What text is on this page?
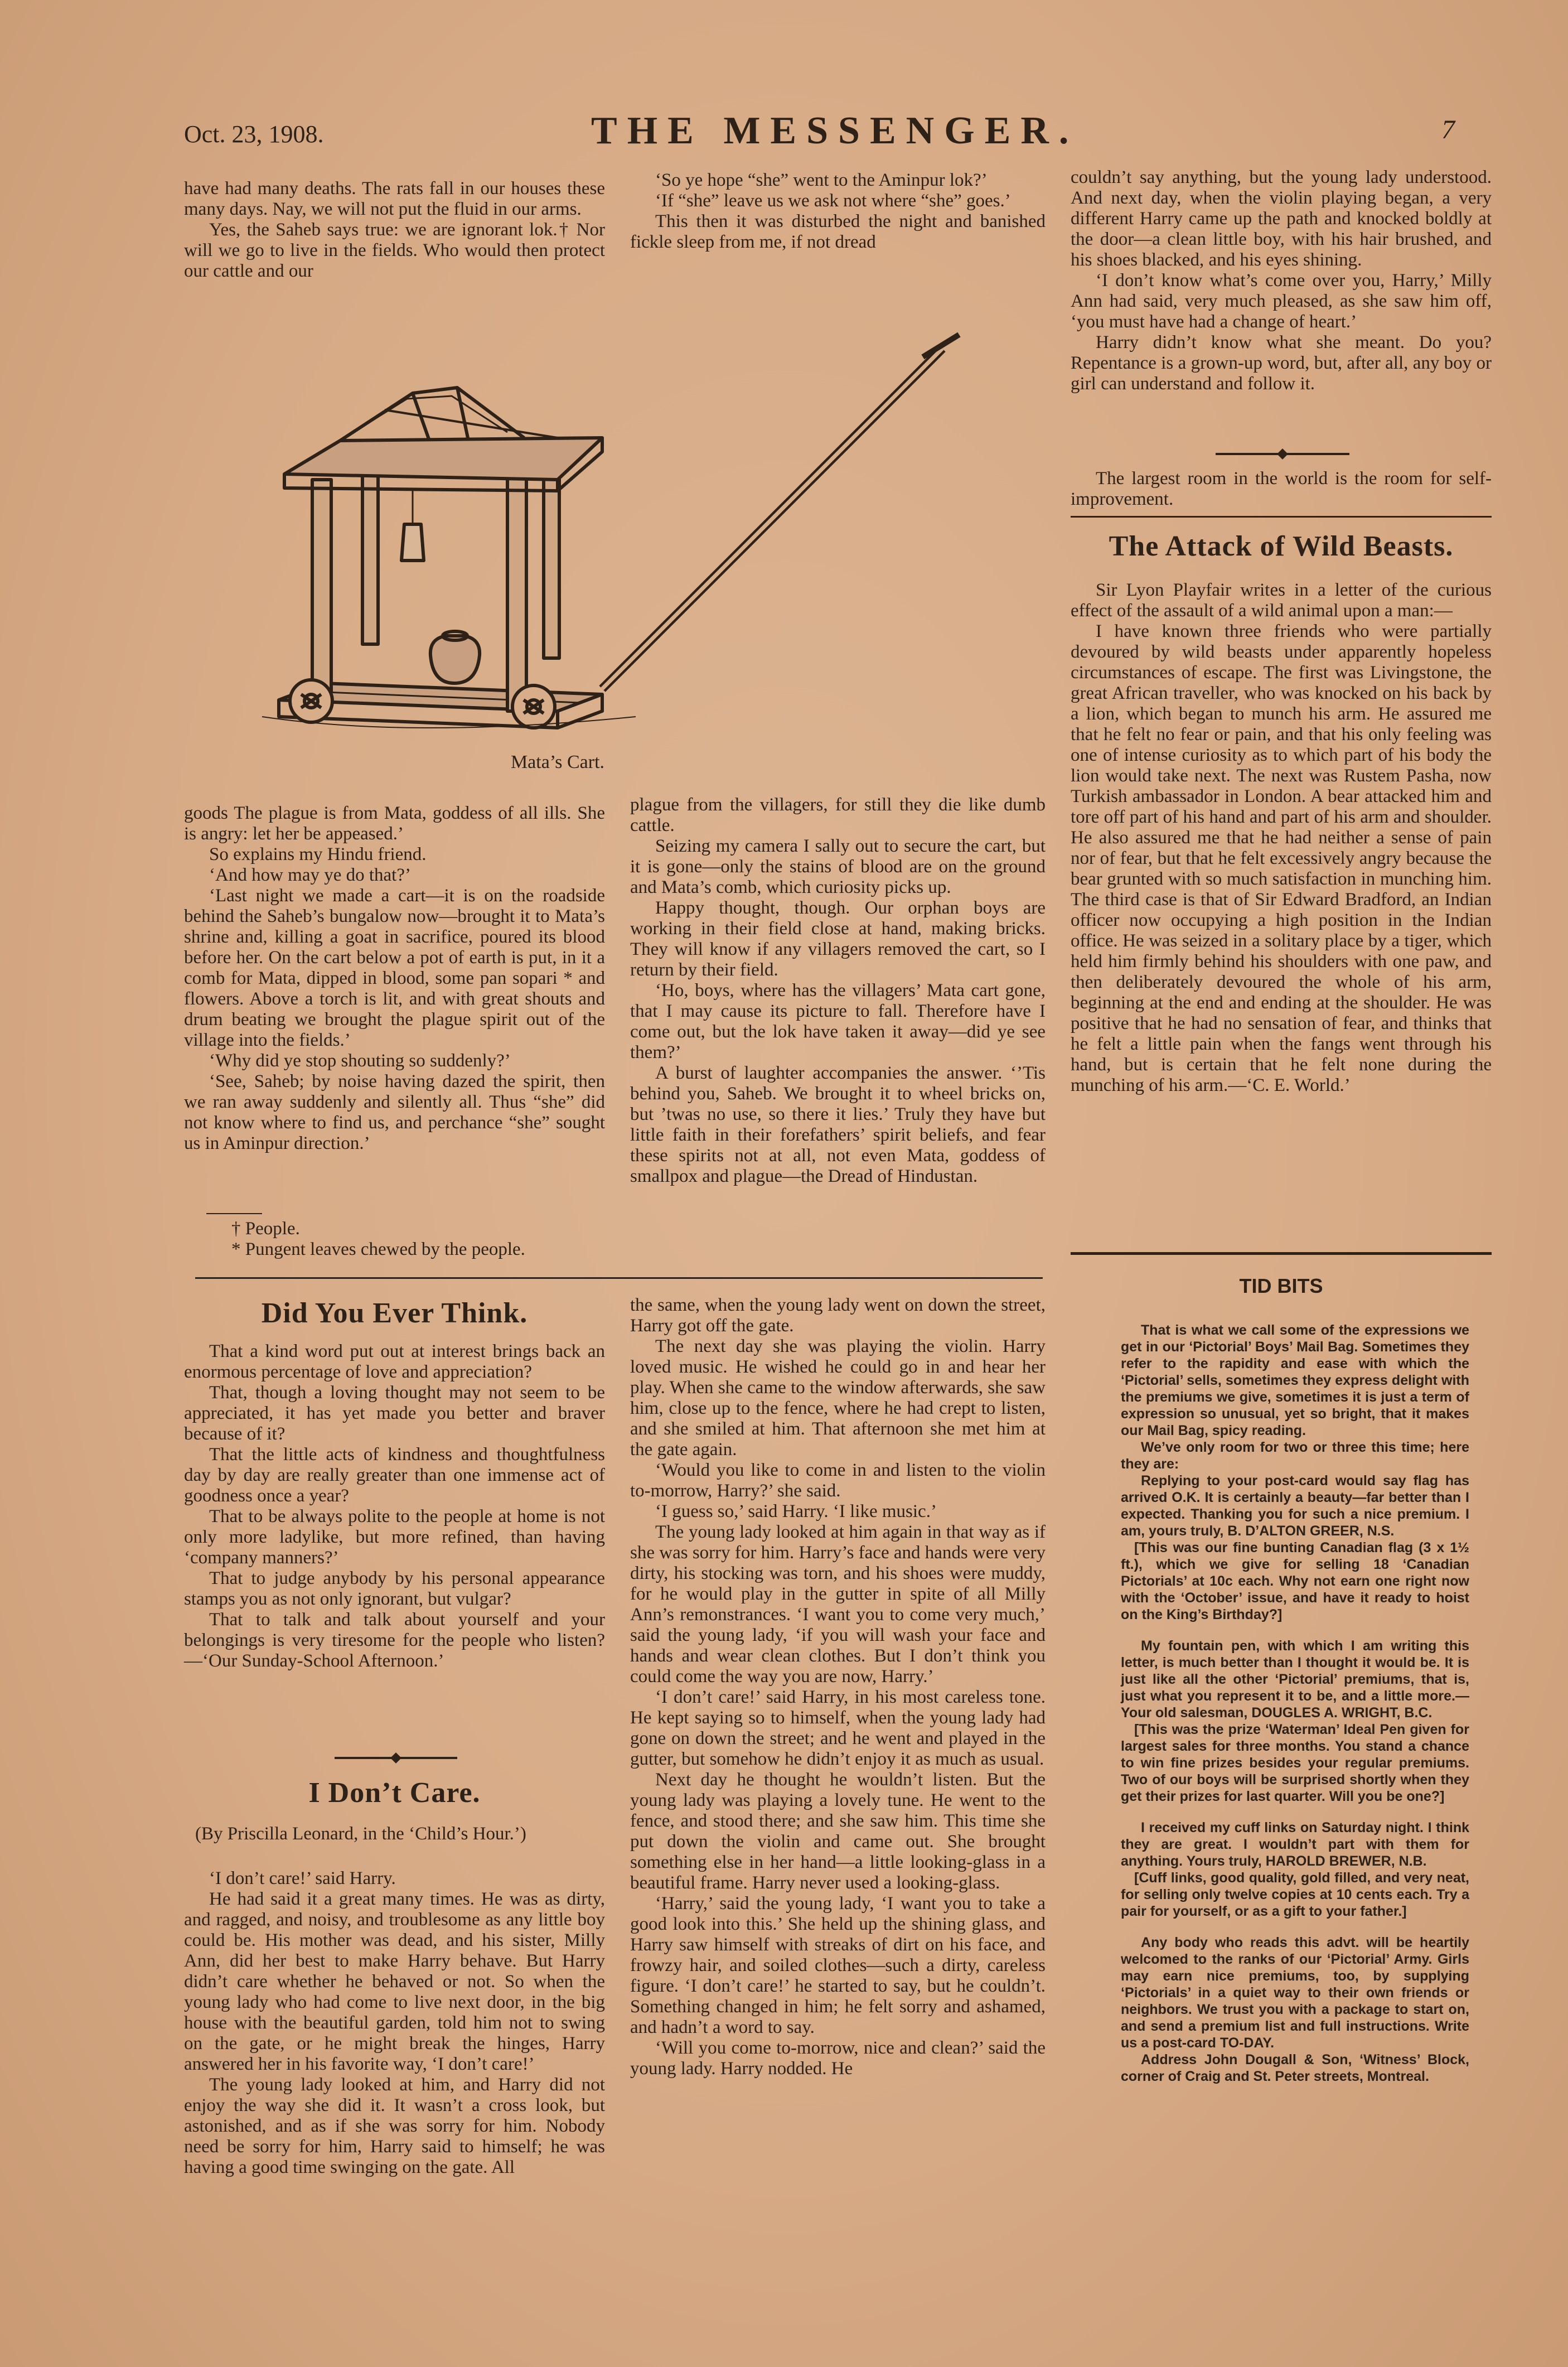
Oct. 23, 1908.	THE MESSENGER.	7

have had many deaths. The rats fall in our houses these many days. Nay, we will not put the fluid in our arms.

Yes, the Saheb says true: we are ignorant lok.† Nor will we go to live in the fields. Who would then protect our cattle and our

‘So ye hope “she” went to the Aminpur lok?’

‘If “she” leave us we ask not where “she” goes.’

This then it was disturbed the night and banished fickle sleep from me, if not dread

Mata’s Cart.

goods The plague is from Mata, goddess of all ills. She is angry: let her be appeased.’

So explains my Hindu friend.

‘And how may ye do that?’

‘Last night we made a cart—it is on the roadside behind the Saheb’s bungalow now—brought it to Mata’s shrine and, killing a goat in sacrifice, poured its blood before her. On the cart below a pot of earth is put, in it a comb for Mata, dipped in blood, some pan sopari * and flowers. Above a torch is lit, and with great shouts and drum beating we brought the plague spirit out of the village into the fields.’

‘Why did ye stop shouting so suddenly?’

‘See, Saheb; by noise having dazed the spirit, then we ran away suddenly and silently all. Thus “she” did not know where to find us, and perchance “she” sought us in Aminpur direction.’

† People.

* Pungent leaves chewed by the people.

plague from the villagers, for still they die like dumb cattle.

Seizing my camera I sally out to secure the cart, but it is gone—only the stains of blood are on the ground and Mata’s comb, which curiosity picks up.

Happy thought, though. Our orphan boys are working in their field close at hand, making bricks. They will know if any villagers removed the cart, so I return by their field.

‘Ho, boys, where has the villagers’ Mata cart gone, that I may cause its picture to fall. Therefore have I come out, but the lok have taken it away—did ye see them?’

A burst of laughter accompanies the answer. ‘’Tis behind you, Saheb. We brought it to wheel bricks on, but ’twas no use, so there it lies.’ Truly they have but little faith in their forefathers’ spirit beliefs, and fear these spirits not at all, not even Mata, goddess of smallpox and plague—the Dread of Hindustan.

couldn’t say anything, but the young lady understood. And next day, when the violin playing began, a very different Harry came up the path and knocked boldly at the door—a clean little boy, with his hair brushed, and his shoes blacked, and his eyes shining.

‘I don’t know what’s come over you, Harry,’ Milly Ann had said, very much pleased, as she saw him off, ‘you must have had a change of heart.’

Harry didn’t know what she meant. Do you? Repentance is a grown-up word, but, after all, any boy or girl can understand and follow it.

The largest room in the world is the room for self-improvement.

The Attack of Wild Beasts.

Sir Lyon Playfair writes in a letter of the curious effect of the assault of a wild animal upon a man:—

I have known three friends who were partially devoured by wild beasts under apparently hopeless circumstances of escape. The first was Livingstone, the great African traveller, who was knocked on his back by a lion, which began to munch his arm. He assured me that he felt no fear or pain, and that his only feeling was one of intense curiosity as to which part of his body the lion would take next. The next was Rustem Pasha, now Turkish ambassador in London. A bear attacked him and tore off part of his hand and part of his arm and shoulder. He also assured me that he had neither a sense of pain nor of fear, but that he felt excessively angry because the bear grunted with so much satisfaction in munching him. The third case is that of Sir Edward Bradford, an Indian officer now occupying a high position in the Indian office. He was seized in a solitary place by a tiger, which held him firmly behind his shoulders with one paw, and then deliberately devoured the whole of his arm, beginning at the end and ending at the shoulder. He was positive that he had no sensation of fear, and thinks that he felt a little pain when the fangs went through his hand, but is certain that he felt none during the munching of his arm.—‘C. E. World.’

Did You Ever Think.

That a kind word put out at interest brings back an enormous percentage of love and appreciation?

That, though a loving thought may not seem to be appreciated, it has yet made you better and braver because of it?

That the little acts of kindness and thoughtfulness day by day are really greater than one immense act of goodness once a year?

That to be always polite to the people at home is not only more ladylike, but more refined, than having ‘company manners?’

That to judge anybody by his personal appearance stamps you as not only ignorant, but vulgar?

That to talk and talk about yourself and your belongings is very tiresome for the people who listen?—‘Our Sunday-School Afternoon.’

I Don’t Care.

(By Priscilla Leonard, in the ‘Child’s Hour.’)

‘I don’t care!’ said Harry.

He had said it a great many times. He was as dirty, and ragged, and noisy, and troublesome as any little boy could be. His mother was dead, and his sister, Milly Ann, did her best to make Harry behave. But Harry didn’t care whether he behaved or not. So when the young lady who had come to live next door, in the big house with the beautiful garden, told him not to swing on the gate, or he might break the hinges, Harry answered her in his favorite way, ‘I don’t care!’

The young lady looked at him, and Harry did not enjoy the way she did it. It wasn’t a cross look, but astonished, and as if she was sorry for him. Nobody need be sorry for him, Harry said to himself; he was having a good time swinging on the gate. All

the same, when the young lady went on down the street, Harry got off the gate.

The next day she was playing the violin. Harry loved music. He wished he could go in and hear her play. When she came to the window afterwards, she saw him, close up to the fence, where he had crept to listen, and she smiled at him. That afternoon she met him at the gate again.

‘Would you like to come in and listen to the violin to-morrow, Harry?’ she said.

‘I guess so,’ said Harry. ‘I like music.’

The young lady looked at him again in that way as if she was sorry for him. Harry’s face and hands were very dirty, his stocking was torn, and his shoes were muddy, for he would play in the gutter in spite of all Milly Ann’s remonstrances. ‘I want you to come very much,’ said the young lady, ‘if you will wash your face and hands and wear clean clothes. But I don’t think you could come the way you are now, Harry.’

‘I don’t care!’ said Harry, in his most careless tone. He kept saying so to himself, when the young lady had gone on down the street; and he went and played in the gutter, but somehow he didn’t enjoy it as much as usual.

Next day he thought he wouldn’t listen. But the young lady was playing a lovely tune. He went to the fence, and stood there; and she saw him. This time she put down the violin and came out. She brought something else in her hand—a little looking-glass in a beautiful frame. Harry never used a looking-glass.

‘Harry,’ said the young lady, ‘I want you to take a good look into this.’ She held up the shining glass, and Harry saw himself with streaks of dirt on his face, and frowzy hair, and soiled clothes—such a dirty, careless figure. ‘I don’t care!’ he started to say, but he couldn’t. Something changed in him; he felt sorry and ashamed, and hadn’t a word to say.

‘Will you come to-morrow, nice and clean?’ said the young lady. Harry nodded. He

TID BITS

That is what we call some of the expressions we get in our ‘Pictorial’ Boys’ Mail Bag. Sometimes they refer to the rapidity and ease with which the ‘Pictorial’ sells, sometimes they express delight with the premiums we give, sometimes it is just a term of expression so unusual, yet so bright, that it makes our Mail Bag, spicy reading.

We’ve only room for two or three this time; here they are:

Replying to your post-card would say flag has arrived O.K. It is certainly a beauty—far better than I expected. Thanking you for such a nice premium. I am, yours truly, B. D’ALTON GREER, N.S.

[This was our fine bunting Canadian flag (3 x 1½ ft.), which we give for selling 18 ‘Canadian Pictorials’ at 10c each. Why not earn one right now with the ‘October’ issue, and have it ready to hoist on the King’s Birthday?]

My fountain pen, with which I am writing this letter, is much better than I thought it would be. It is just like all the other ‘Pictorial’ premiums, that is, just what you represent it to be, and a little more.—Your old salesman, DOUGLES A. WRIGHT, B.C.

[This was the prize ‘Waterman’ Ideal Pen given for largest sales for three months. You stand a chance to win fine prizes besides your regular premiums. Two of our boys will be surprised shortly when they get their prizes for last quarter. Will you be one?]

I received my cuff links on Saturday night. I think they are great. I wouldn’t part with them for anything. Yours truly, HAROLD BREWER, N.B.

[Cuff links, good quality, gold filled, and very neat, for selling only twelve copies at 10 cents each. Try a pair for yourself, or as a gift to your father.]

Any body who reads this advt. will be heartily welcomed to the ranks of our ‘Pictorial’ Army. Girls may earn nice premiums, too, by supplying ‘Pictorials’ in a quiet way to their own friends or neighbors. We trust you with a package to start on, and send a premium list and full instructions. Write us a post-card TO-DAY.

Address John Dougall & Son, ‘Witness’ Block, corner of Craig and St. Peter streets, Montreal.
